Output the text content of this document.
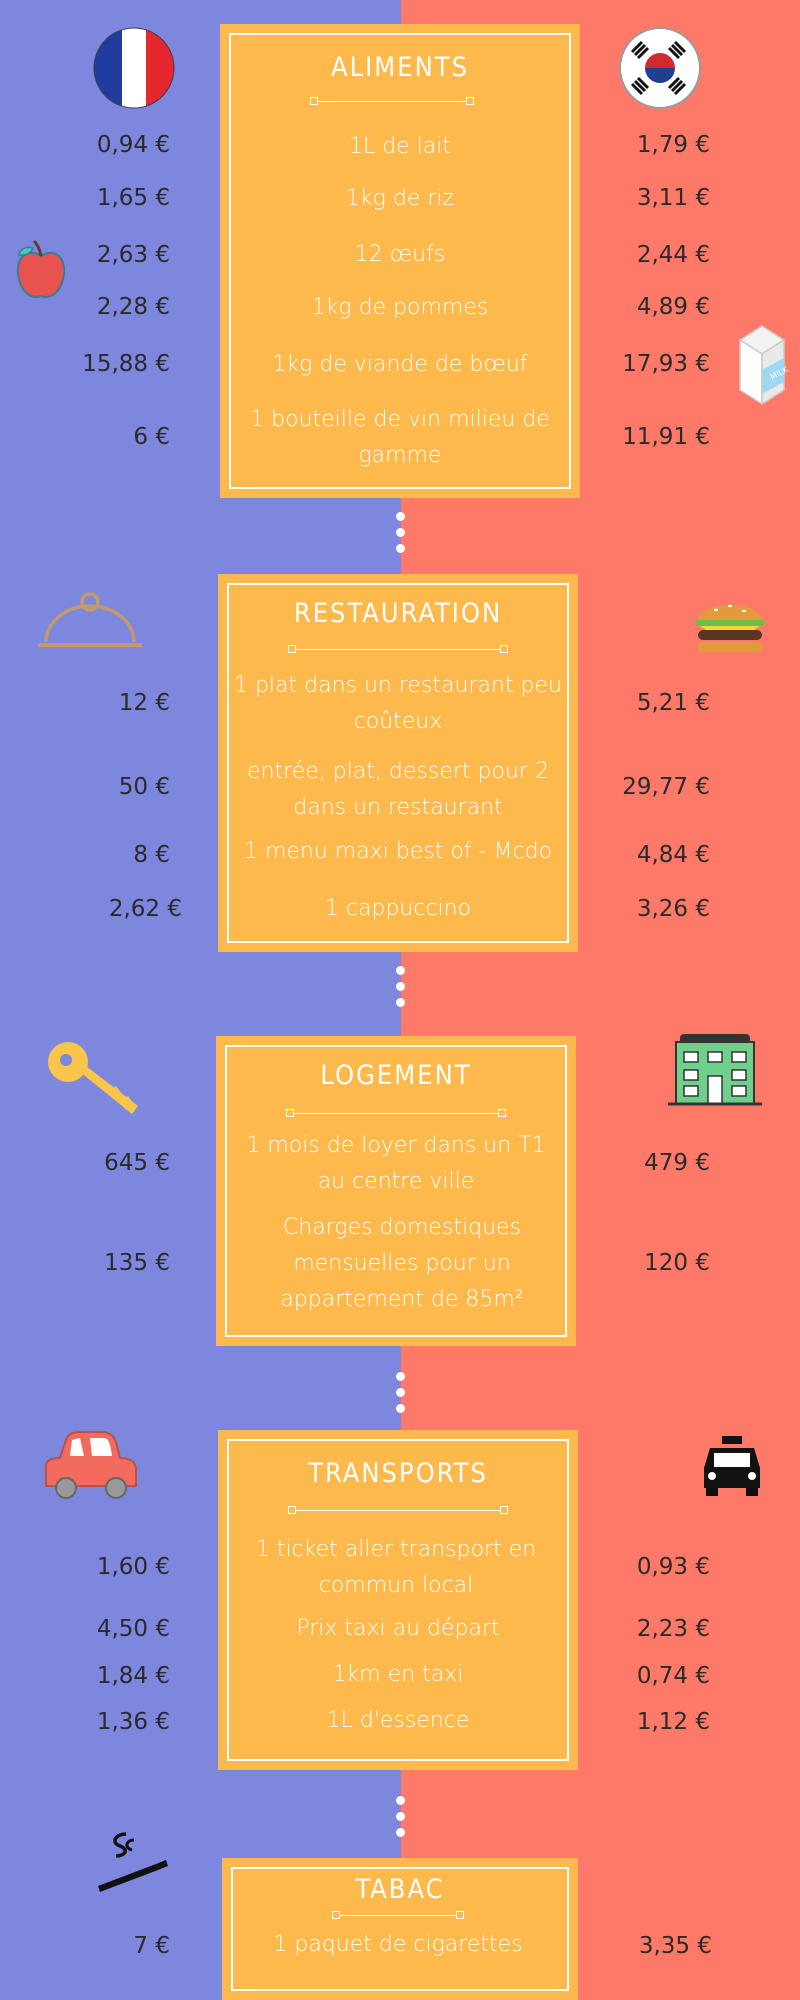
MILK
ALIMENTS
1L de lait
1kg de riz
12 œufs
1kg de pommes
1kg de viande de bœuf
1 bouteille de vin milieu de gamme
0,94 €
1,65 €
2,63 €
2,28 €
15,88 €
6 €
1,79 €
3,11 €
2,44 €
4,89 €
17,93 €
11,91 €
RESTAURATION
1 plat dans un restaurant peu coûteux
entrée, plat, dessert pour 2 dans un restaurant
1 menu maxi best of - Mcdo
1 cappuccino
12 €
50 €
8 €
2,62 €
5,21 €
29,77 €
4,84 €
3,26 €
LOGEMENT
1 mois de loyer dans un T1 au centre ville
Charges domestiques mensuelles pour un appartement de 85m²
645 €
135 €
479 €
120 €
TRANSPORTS
1 ticket aller transport en commun local
Prix taxi au départ
1km en taxi
1L d'essence
1,60 €
4,50 €
1,84 €
1,36 €
0,93 €
2,23 €
0,74 €
1,12 €
TABAC
1 paquet de cigarettes
7 €	3,35 €
